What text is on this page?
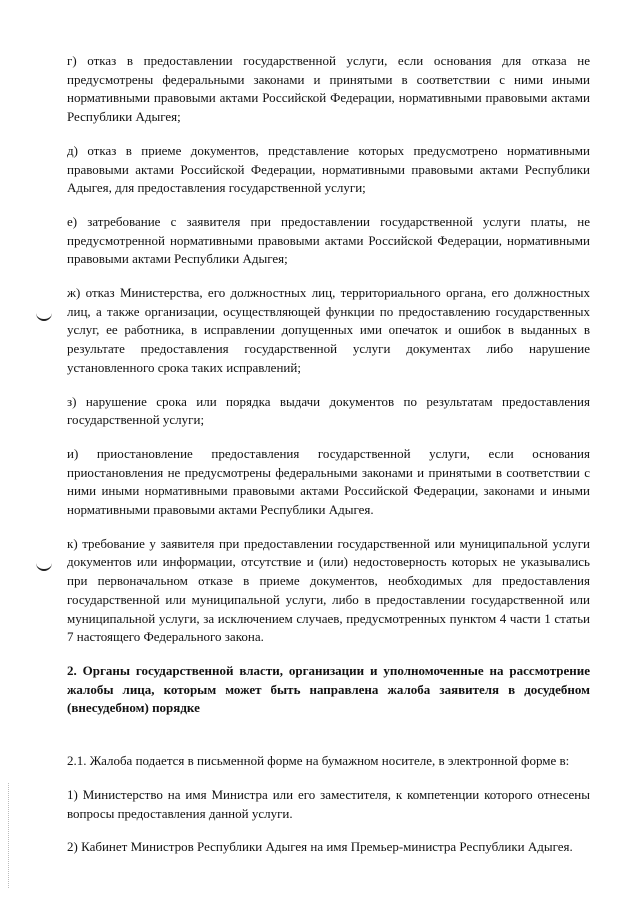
г) отказ в предоставлении государственной услуги, если основания для отказа не предусмотрены федеральными законами и принятыми в соответствии с ними иными нормативными правовыми актами Российской Федерации, нормативными правовыми актами Республики Адыгея;

д) отказ в приеме документов, представление которых предусмотрено нормативными правовыми актами Российской Федерации, нормативными правовыми актами Республики Адыгея, для предоставления государственной услуги;

е) затребование с заявителя при предоставлении государственной услуги платы, не предусмотренной нормативными правовыми актами Российской Федерации, нормативными правовыми актами Республики Адыгея;

ж) отказ Министерства, его должностных лиц, территориального органа, его должностных лиц, а также организации, осуществляющей функции по предоставлению государственных услуг, ее работника, в исправлении допущенных ими опечаток и ошибок в выданных в результате предоставления государственной услуги документах либо нарушение установленного срока таких исправлений;

з) нарушение срока или порядка выдачи документов по результатам предоставления государственной услуги;

и) приостановление предоставления государственной услуги, если основания приостановления не предусмотрены федеральными законами и принятыми в соответствии с ними иными нормативными правовыми актами Российской Федерации, законами и иными нормативными правовыми актами Республики Адыгея.

к) требование у заявителя при предоставлении государственной или муниципальной услуги документов или информации, отсутствие и (или) недостоверность которых не указывались при первоначальном отказе в приеме документов, необходимых для предоставления государственной или муниципальной услуги, либо в предоставлении государственной или муниципальной услуги, за исключением случаев, предусмотренных пунктом 4 части 1 статьи 7 настоящего Федерального закона.

2. Органы государственной власти, организации и уполномоченные на рассмотрение жалобы лица, которым может быть направлена жалоба заявителя в досудебном (внесудебном) порядке

2.1. Жалоба подается в письменной форме на бумажном носителе, в электронной форме в:

1) Министерство на имя Министра или его заместителя, к компетенции которого отнесены вопросы предоставления данной услуги.

2) Кабинет Министров Республики Адыгея на имя Премьер-министра Республики Адыгея.
